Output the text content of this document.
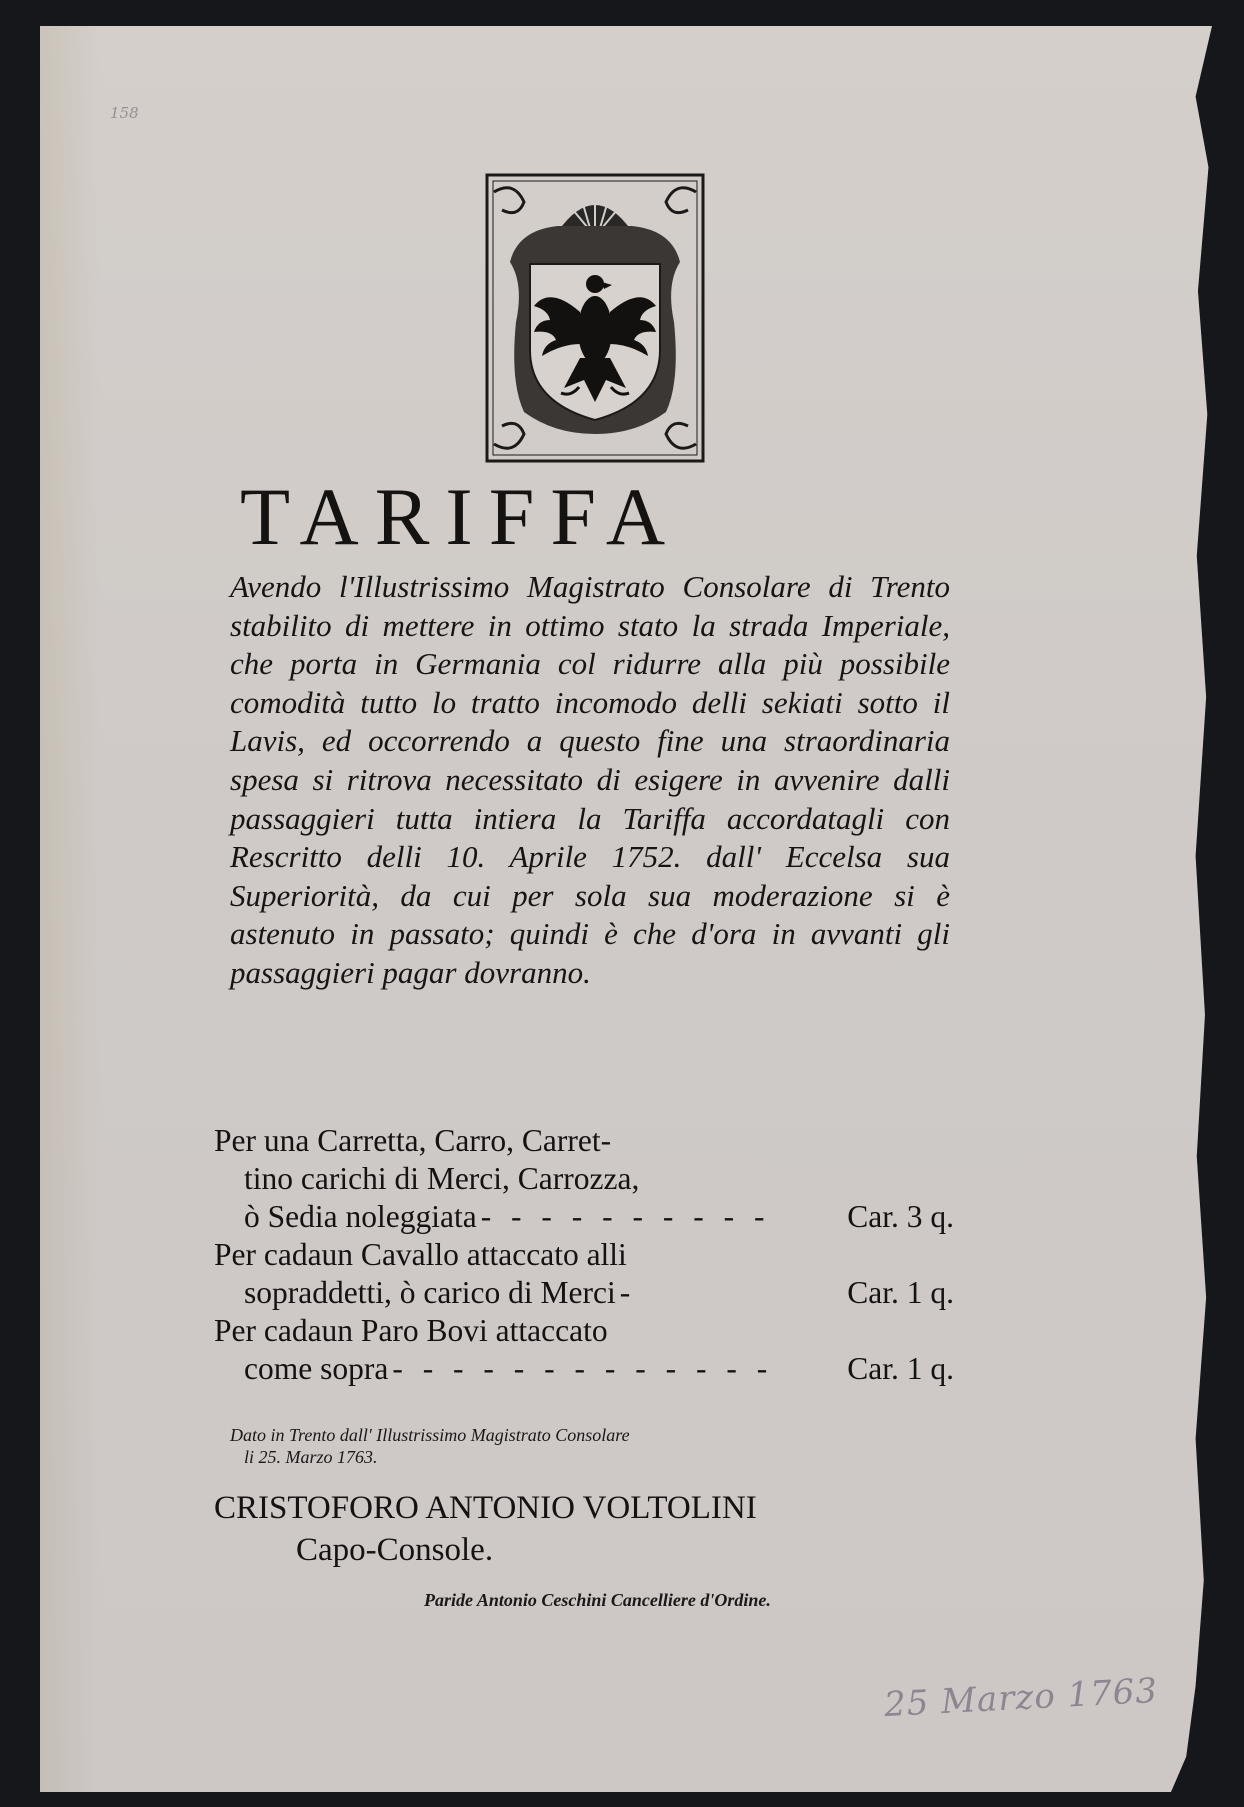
158
TARIFFA

Avendo l'Illustrissimo Magistrato Consolare di Trento stabilito di mettere in ottimo stato la strada Imperiale, che porta in Germania col ridurre alla più possibile comodità tutto lo tratto incomodo delli sekiati sotto il Lavis, ed occorrendo a questo fine una straordinaria spesa si ritrova necessitato di esigere in avvenire dalli passaggieri tutta intiera la Tariffa accordatagli con Rescritto delli 10. Aprile 1752. dall' Eccelsa sua Superiorità, da cui per sola sua moderazione si è astenuto in passato; quindi è che d'ora in avvanti gli passaggieri pagar dovranno.

Per una Carretta, Carro, Carret-
tino carichi di Merci, Carrozza,
ò Sedia noleggiata - - - - - - - - - -	Car. 3 q.
Per cadaun Cavallo attaccato alli
sopraddetti, ò carico di Merci -	Car. 1 q.
Per cadaun Paro Bovi attaccato
come sopra - - - - - - - - - - - - -	Car. 1 q.
Dato in Trento dall' Illustrissimo Magistrato Consolare
li 25. Marzo 1763.

CRISTOFORO ANTONIO VOLTOLINI

Capo-Console.

Paride Antonio Ceschini Cancelliere d'Ordine.

25 Marzo 1763
